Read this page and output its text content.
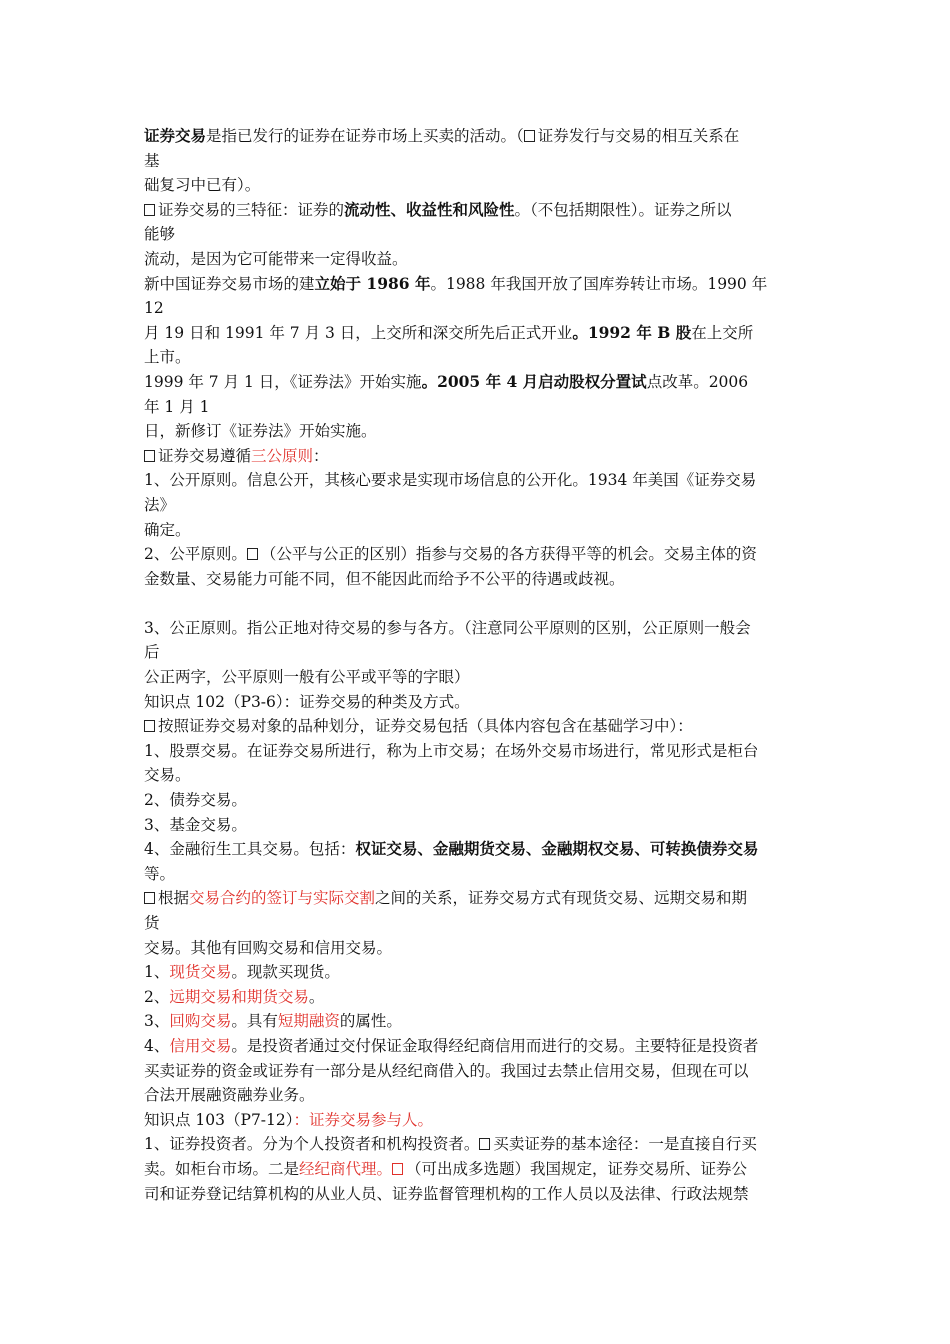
证券交易是指已发行的证券在证券市场上买卖的活动。（ 证券发行与交易的相互关系在
基
础复习中已有）。
证券交易的三特征：证券的流动性、收益性和风险性。（不包括期限性）。证券之所以
能够
流动，是因为它可能带来一定得收益。
新中国证券交易市场的建立始于 1986 年。1988 年我国开放了国库券转让市场。1990 年
12
月 19 日和 1991 年 7 月 3 日，上交所和深交所先后正式开业。1992 年 B 股在上交所
上市。
1999 年 7 月 1 日，《证券法》开始实施。2005 年 4 月启动股权分置试点改革。2006
年 1 月 1
日，新修订《证券法》开始实施。
证券交易遵循三公原则：
1、公开原则。信息公开，其核心要求是实现市场信息的公开化。1934 年美国《证券交易
法》
确定。
2、公平原则。 （公平与公正的区别）指参与交易的各方获得平等的机会。交易主体的资
金数量、交易能力可能不同，但不能因此而给予不公平的待遇或歧视。
3、公正原则。指公正地对待交易的参与各方。（注意同公平原则的区别，公正原则一般会
后
公正两字，公平原则一般有公平或平等的字眼）
知识点 102（P3-6）：证券交易的种类及方式。
按照证券交易对象的品种划分，证券交易包括（具体内容包含在基础学习中）：
1、股票交易。在证券交易所进行，称为上市交易；在场外交易市场进行，常见形式是柜台
交易。
2、债券交易。
3、基金交易。
4、金融衍生工具交易。包括：权证交易、金融期货交易、金融期权交易、可转换债券交易
等。
根据交易合约的签订与实际交割之间的关系，证券交易方式有现货交易、远期交易和期
货
交易。其他有回购交易和信用交易。
1、现货交易。现款买现货。
2、远期交易和期货交易。
3、回购交易。具有短期融资的属性。
4、信用交易。是投资者通过交付保证金取得经纪商信用而进行的交易。主要特征是投资者
买卖证券的资金或证券有一部分是从经纪商借入的。我国过去禁止信用交易，但现在可以
合法开展融资融券业务。
知识点 103（P7-12）：证券交易参与人。
1、证券投资者。分为个人投资者和机构投资者。 买卖证券的基本途径：一是直接自行买
卖。如柜台市场。二是经纪商代理。 （可出成多选题）我国规定，证券交易所、证券公
司和证券登记结算机构的从业人员、证券监督管理机构的工作人员以及法律、行政法规禁
